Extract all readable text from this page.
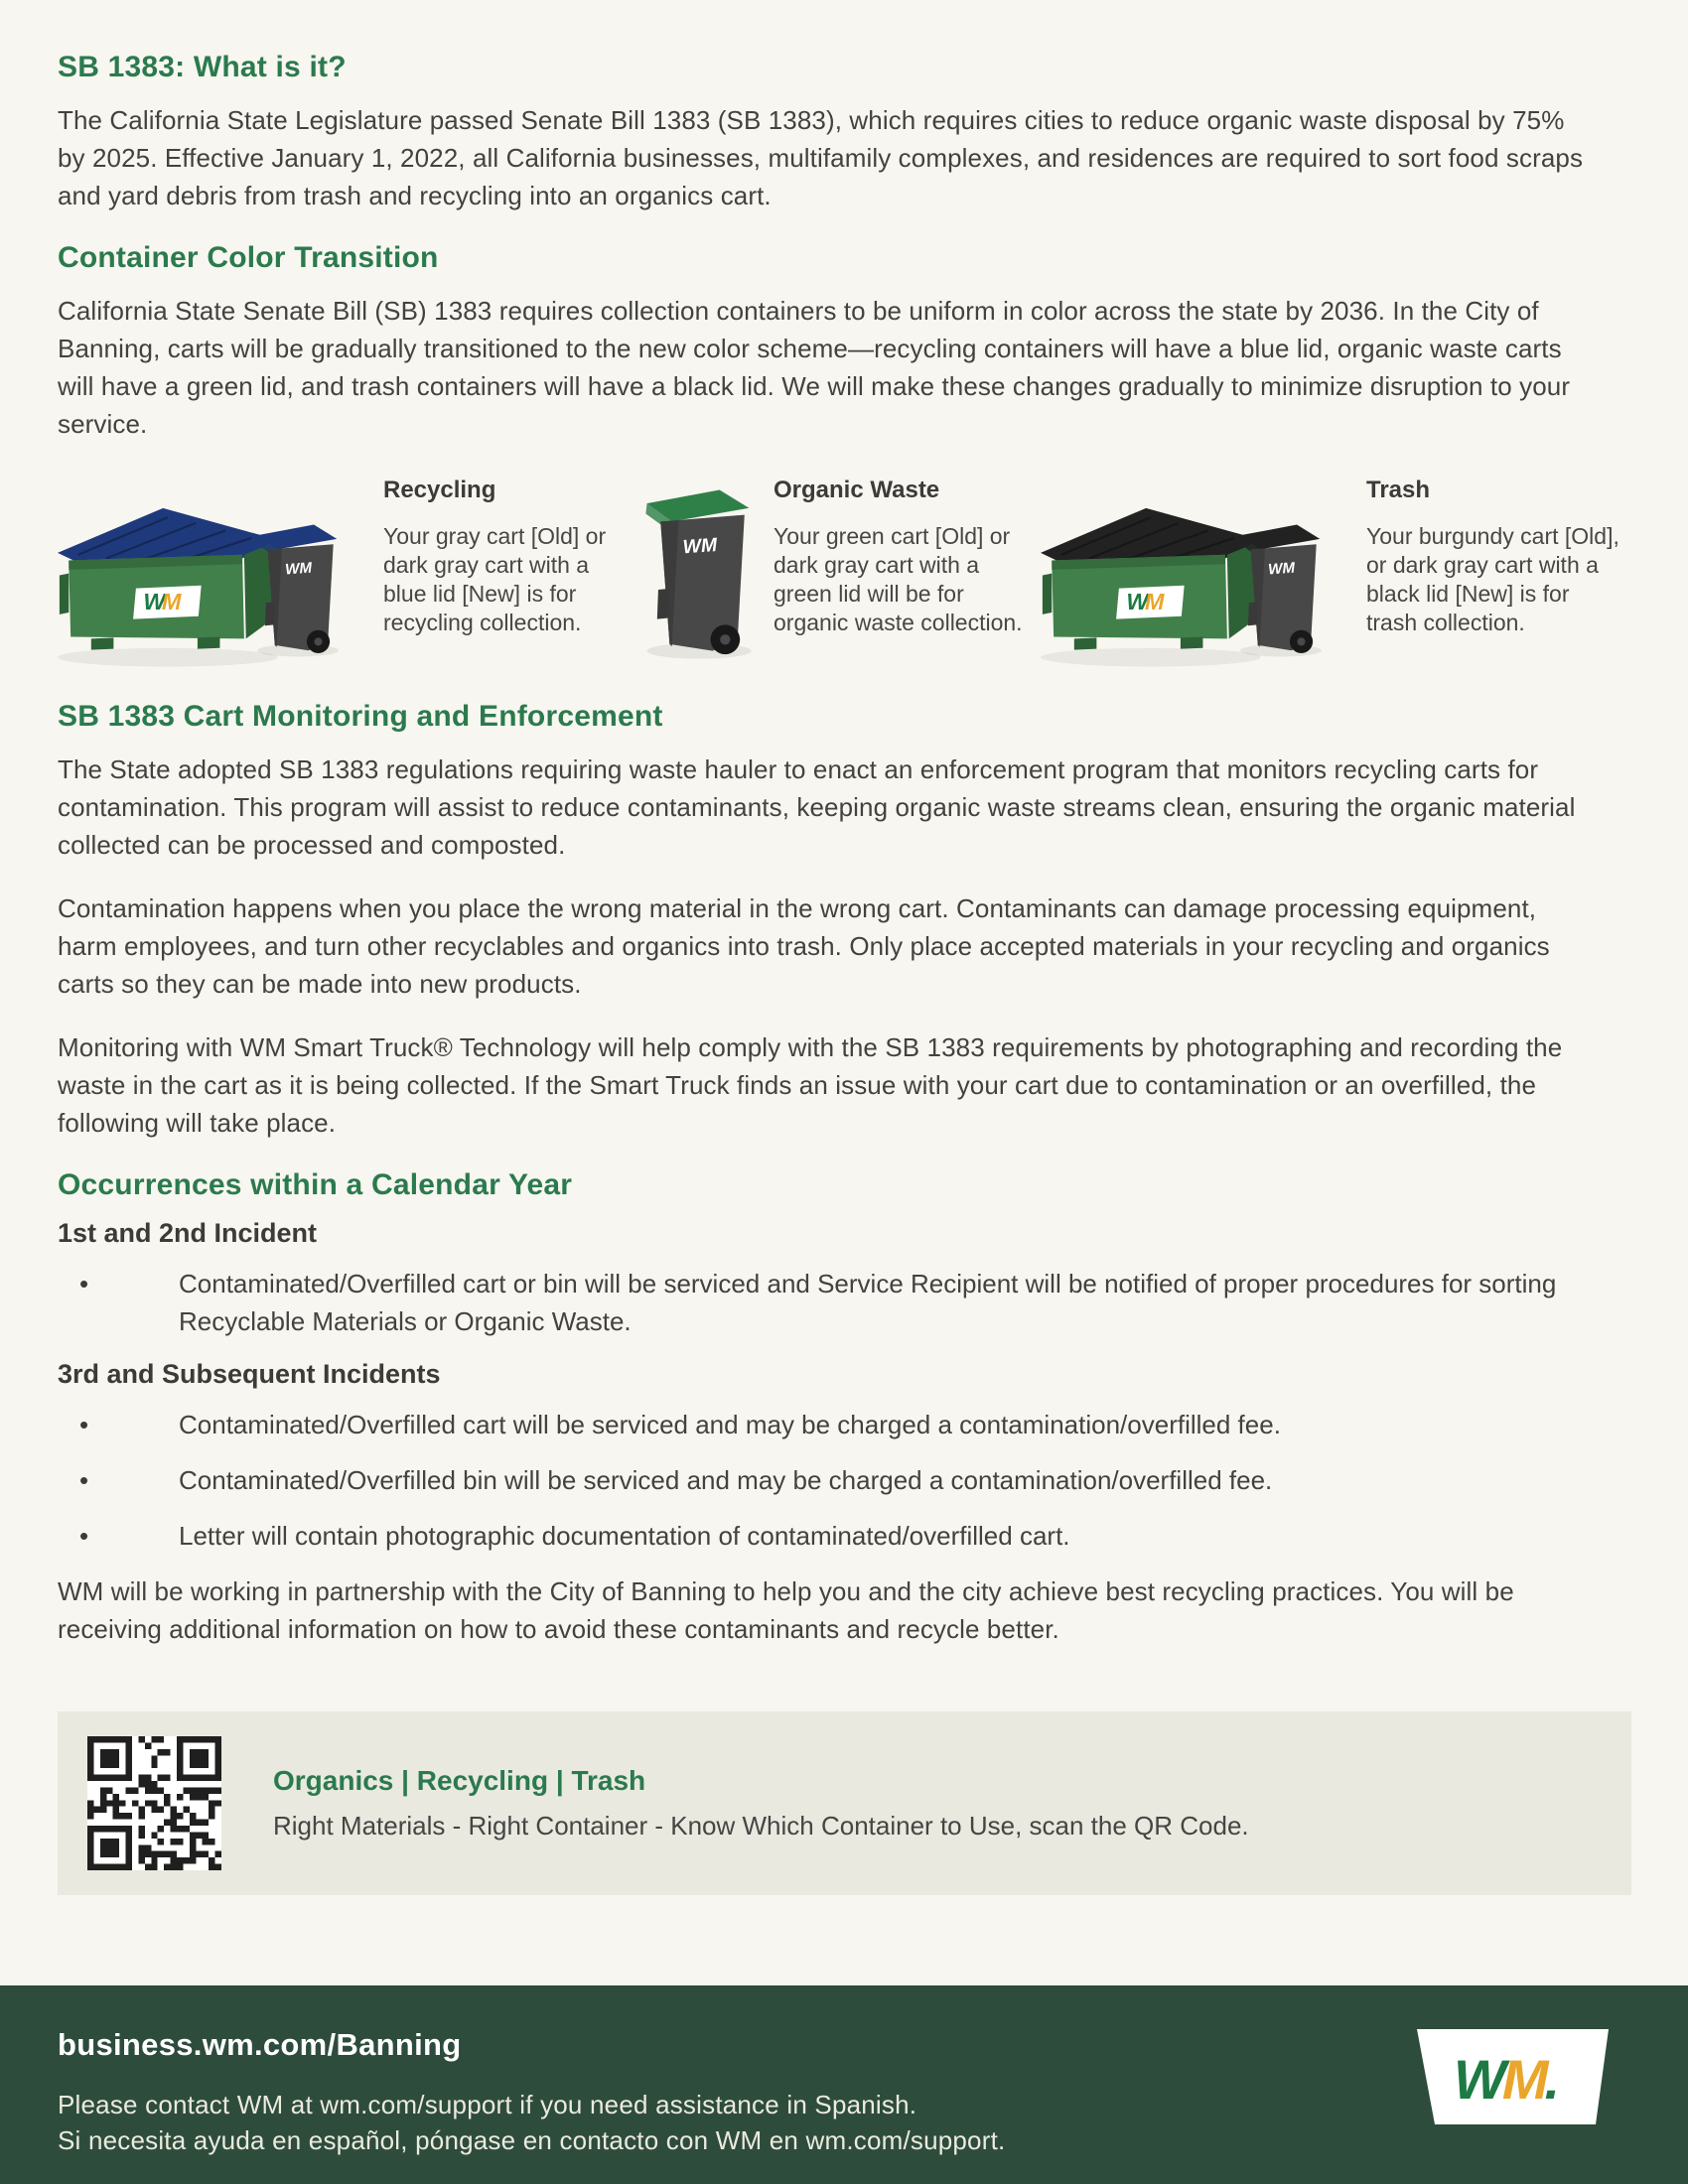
SB 1383: What is it?

The California State Legislature passed Senate Bill 1383 (SB 1383), which requires cities to reduce organic waste disposal by 75% by 2025. Effective January 1, 2022, all California businesses, multifamily complexes, and residences are required to sort food scraps and yard debris from trash and recycling into an organics cart.

Container Color Transition

California State Senate Bill (SB) 1383 requires collection containers to be uniform in color across the state by 2036. In the City of Banning, carts will be gradually transitioned to the new color scheme—recycling containers will have a blue lid, organic waste carts will have a green lid, and trash containers will have a black lid. We will make these changes gradually to minimize disruption to your service.

Recycling
Your gray cart [Old] or dark gray cart with a blue lid [New] is for recycling collection.
Organic Waste
Your green cart [Old] or dark gray cart with a green lid will be for organic waste collection.
Trash
Your burgundy cart [Old], or dark gray cart with a black lid [New] is for trash collection.
SB 1383 Cart Monitoring and Enforcement

The State adopted SB 1383 regulations requiring waste hauler to enact an enforcement program that monitors recycling carts for contamination. This program will assist to reduce contaminants, keeping organic waste streams clean, ensuring the organic material collected can be processed and composted.

Contamination happens when you place the wrong material in the wrong cart. Contaminants can damage processing equipment, harm employees, and turn other recyclables and organics into trash. Only place accepted materials in your recycling and organics carts so they can be made into new products.

Monitoring with WM Smart Truck® Technology will help comply with the SB 1383 requirements by photographing and recording the waste in the cart as it is being collected. If the Smart Truck finds an issue with your cart due to contamination or an overfilled, the following will take place.

Occurrences within a Calendar Year
1st and 2nd Incident
• Contaminated/Overfilled cart or bin will be serviced and Service Recipient will be notified of proper procedures for sorting Recyclable Materials or Organic Waste.
3rd and Subsequent Incidents
• Contaminated/Overfilled cart will be serviced and may be charged a contamination/overfilled fee.
• Contaminated/Overfilled bin will be serviced and may be charged a contamination/overfilled fee.
• Letter will contain photographic documentation of contaminated/overfilled cart.

WM will be working in partnership with the City of Banning to help you and the city achieve best recycling practices. You will be receiving additional information on how to avoid these contaminants and recycle better.

Organics | Recycling | Trash

Right Materials - Right Container - Know Which Container to Use, scan the QR Code.

business.wm.com/Banning

Please contact WM at wm.com/support if you need assistance in Spanish.

Si necesita ayuda en español, póngase en contacto con WM en wm.com/support.

WM.
